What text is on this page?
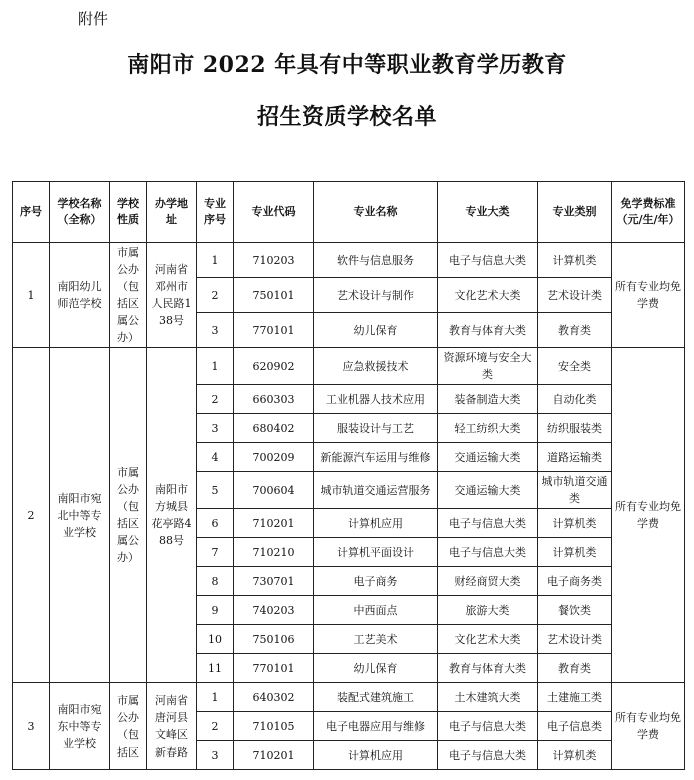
附件
南阳市 2022 年具有中等职业教育学历教育
招生资质学校名单
序号	学校名称（全称）	学校性质	办学地址	专业序号	专业代码	专业名称	专业大类	专业类别	免学费标准（元/生/年）
1	南阳幼儿师范学校	市属公办（包括区属公办）	河南省邓州市人民路138号	1	710203	软件与信息服务	电子与信息大类	计算机类	所有专业均免学费
				2	750101	艺术设计与制作	文化艺术大类	艺术设计类	
				3	770101	幼儿保育	教育与体育大类	教育类	
2	南阳市宛北中等专业学校	市属公办（包括区属公办）	南阳市方城县花亭路488号	1	620902	应急救援技术	资源环境与安全大类	安全类	所有专业均免学费
				2	660303	工业机器人技术应用	装备制造大类	自动化类	
				3	680402	服装设计与工艺	轻工纺织大类	纺织服装类	
				4	700209	新能源汽车运用与维修	交通运输大类	道路运输类	
				5	700604	城市轨道交通运营服务	交通运输大类	城市轨道交通类	
				6	710201	计算机应用	电子与信息大类	计算机类	
				7	710210	计算机平面设计	电子与信息大类	计算机类	
				8	730701	电子商务	财经商贸大类	电子商务类	
				9	740203	中西面点	旅游大类	餐饮类	
				10	750106	工艺美术	文化艺术大类	艺术设计类	
				11	770101	幼儿保育	教育与体育大类	教育类	
3	南阳市宛东中等专业学校	市属公办（包括区	河南省唐河县文峰区新春路	1	640302	装配式建筑施工	土木建筑大类	土建施工类	所有专业均免学费
				2	710105	电子电器应用与维修	电子与信息大类	电子信息类	
				3	710201	计算机应用	电子与信息大类	计算机类	
